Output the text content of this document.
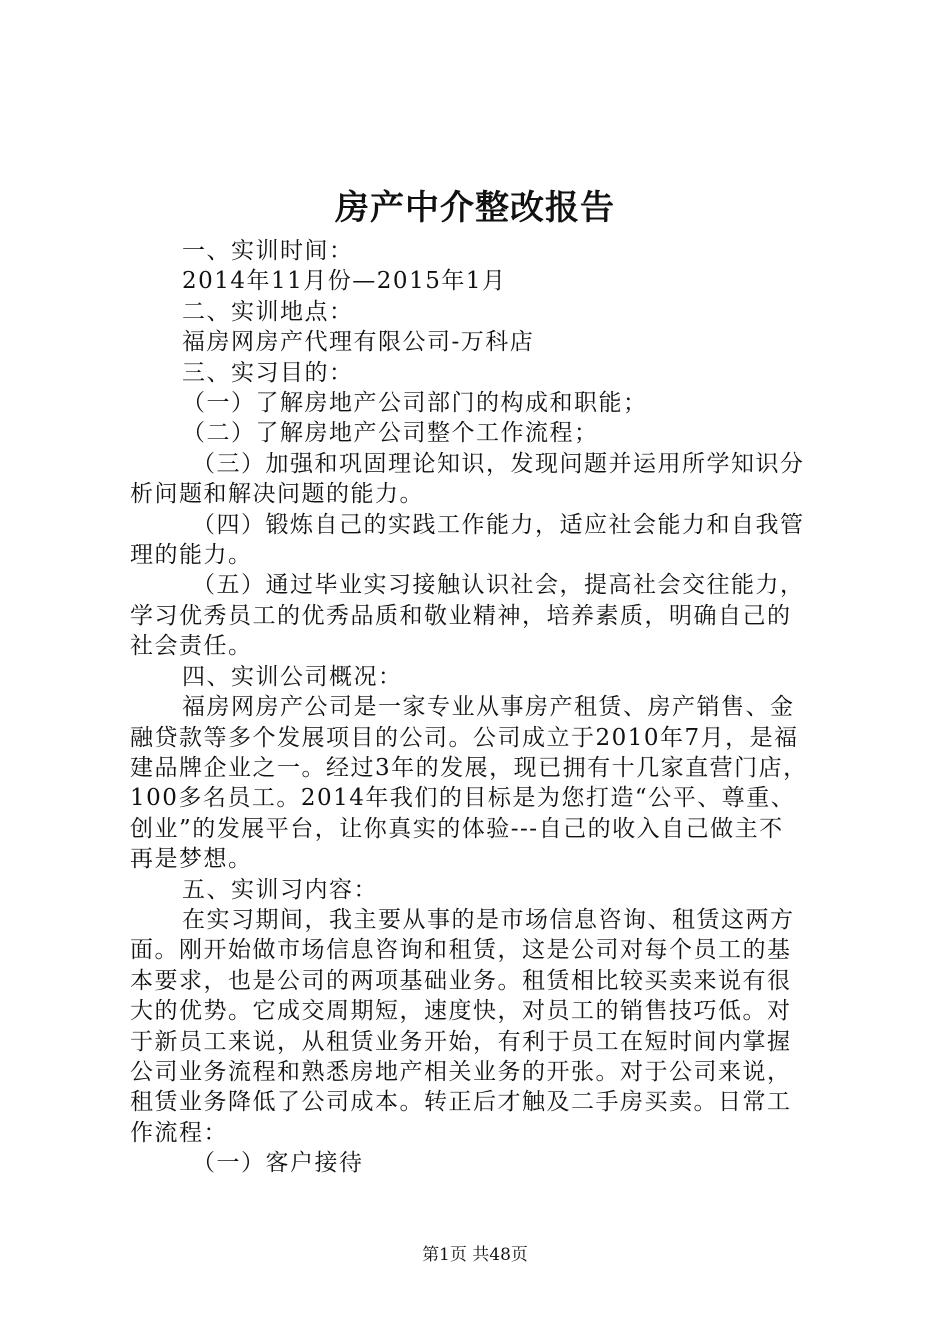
房产中介整改报告

一、实训时间：

2014年11月份—2015年1月

二、实训地点：

福房网房产代理有限公司-万科店

三、实习目的：

（一）了解房地产公司部门的构成和职能；

（二）了解房地产公司整个工作流程；

（三）加强和巩固理论知识，发现问题并运用所学知识分

析问题和解决问题的能力。

（四）锻炼自己的实践工作能力，适应社会能力和自我管

理的能力。

（五）通过毕业实习接触认识社会，提高社会交往能力，

学习优秀员工的优秀品质和敬业精神，培养素质，明确自己的

社会责任。

四、实训公司概况：

福房网房产公司是一家专业从事房产租赁、房产销售、金

融贷款等多个发展项目的公司。公司成立于2010年7月，是福

建品牌企业之一。经过3年的发展，现已拥有十几家直营门店，

100多名员工。2014年我们的目标是为您打造“公平、尊重、

创业”的发展平台，让你真实的体验---自己的收入自己做主不

再是梦想。

五、实训习内容：

在实习期间，我主要从事的是市场信息咨询、租赁这两方

面。刚开始做市场信息咨询和租赁，这是公司对每个员工的基

本要求，也是公司的两项基础业务。租赁相比较买卖来说有很

大的优势。它成交周期短，速度快，对员工的销售技巧低。对

于新员工来说，从租赁业务开始，有利于员工在短时间内掌握

公司业务流程和熟悉房地产相关业务的开张。对于公司来说，

租赁业务降低了公司成本。转正后才触及二手房买卖。日常工

作流程：

（一）客户接待

第1页 共48页
